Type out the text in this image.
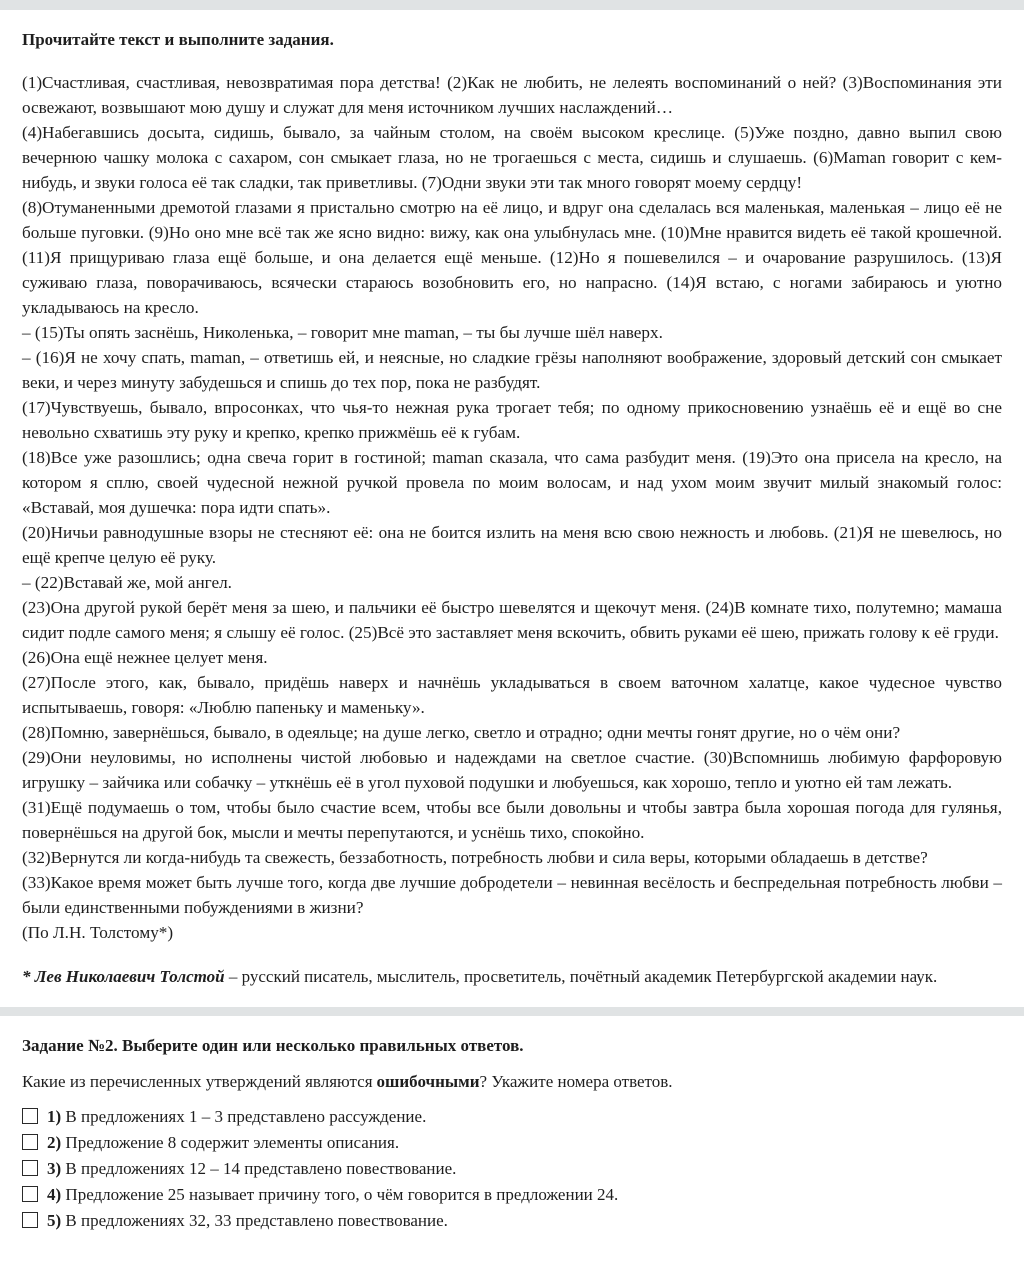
Прочитайте текст и выполните задания.

(1)Счастливая, счастливая, невозвратимая пора детства! (2)Как не любить, не лелеять воспоминаний о ней? (3)Воспоминания эти освежают, возвышают мою душу и служат для меня источником лучших наслаждений…

(4)Набегавшись досыта, сидишь, бывало, за чайным столом, на своём высоком креслице. (5)Уже поздно, давно выпил свою вечернюю чашку молока с сахаром, сон смыкает глаза, но не трогаешься с места, сидишь и слушаешь. (6)Maman говорит с кем-нибудь, и звуки голоса её так сладки, так приветливы. (7)Одни звуки эти так много говорят моему сердцу!

(8)Отуманенными дремотой глазами я пристально смотрю на её лицо, и вдруг она сделалась вся маленькая, маленькая – лицо её не больше пуговки. (9)Но оно мне всё так же ясно видно: вижу, как она улыбнулась мне. (10)Мне нравится видеть её такой крошечной. (11)Я прищуриваю глаза ещё больше, и она делается ещё меньше. (12)Но я пошевелился – и очарование разрушилось. (13)Я суживаю глаза, поворачиваюсь, всячески стараюсь возобновить его, но напрасно. (14)Я встаю, с ногами забираюсь и уютно укладываюсь на кресло.

– (15)Ты опять заснёшь, Николенька, – говорит мне maman, – ты бы лучше шёл наверх.

– (16)Я не хочу спать, maman, – ответишь ей, и неясные, но сладкие грёзы наполняют воображение, здоровый детский сон смыкает веки, и через минуту забудешься и спишь до тех пор, пока не разбудят.

(17)Чувствуешь, бывало, впросонках, что чья-то нежная рука трогает тебя; по одному прикосновению узнаёшь её и ещё во сне невольно схватишь эту руку и крепко, крепко прижмёшь её к губам.

(18)Все уже разошлись; одна свеча горит в гостиной; maman сказала, что сама разбудит меня. (19)Это она присела на кресло, на котором я сплю, своей чудесной нежной ручкой провела по моим волосам, и над ухом моим звучит милый знакомый голос: «Вставай, моя душечка: пора идти спать».

(20)Ничьи равнодушные взоры не стесняют её: она не боится излить на меня всю свою нежность и любовь. (21)Я не шевелюсь, но ещё крепче целую её руку.

– (22)Вставай же, мой ангел.

(23)Она другой рукой берёт меня за шею, и пальчики её быстро шевелятся и щекочут меня. (24)В комнате тихо, полутемно; мамаша сидит подле самого меня; я слышу её голос. (25)Всё это заставляет меня вскочить, обвить руками её шею, прижать голову к её груди.

(26)Она ещё нежнее целует меня.

(27)После этого, как, бывало, придёшь наверх и начнёшь укладываться в своем ваточном халатце, какое чудесное чувство испытываешь, говоря: «Люблю папеньку и маменьку».

(28)Помню, завернёшься, бывало, в одеяльце; на душе легко, светло и отрадно; одни мечты гонят другие, но о чём они?

(29)Они неуловимы, но исполнены чистой любовью и надеждами на светлое счастие. (30)Вспомнишь любимую фарфоровую игрушку – зайчика или собачку – уткнёшь её в угол пуховой подушки и любуешься, как хорошо, тепло и уютно ей там лежать.

(31)Ещё подумаешь о том, чтобы было счастие всем, чтобы все были довольны и чтобы завтра была хорошая погода для гулянья, повернёшься на другой бок, мысли и мечты перепутаются, и уснёшь тихо, спокойно.

(32)Вернутся ли когда-нибудь та свежесть, беззаботность, потребность любви и сила веры, которыми обладаешь в детстве?

(33)Какое время может быть лучше того, когда две лучшие добродетели – невинная весёлость и беспредельная потребность любви – были единственными побуждениями в жизни?

(По Л.Н. Толстому*)

* Лев Николаевич Толстой – русский писатель, мыслитель, просветитель, почётный академик Петербургской академии наук.

Задание №2. Выберите один или несколько правильных ответов.

Какие из перечисленных утверждений являются ошибочными? Укажите номера ответов.

1) В предложениях 1 – 3 представлено рассуждение.
2) Предложение 8 содержит элементы описания.
3) В предложениях 12 – 14 представлено повествование.
4) Предложение 25 называет причину того, о чём говорится в предложении 24.
5) В предложениях 32, 33 представлено повествование.
